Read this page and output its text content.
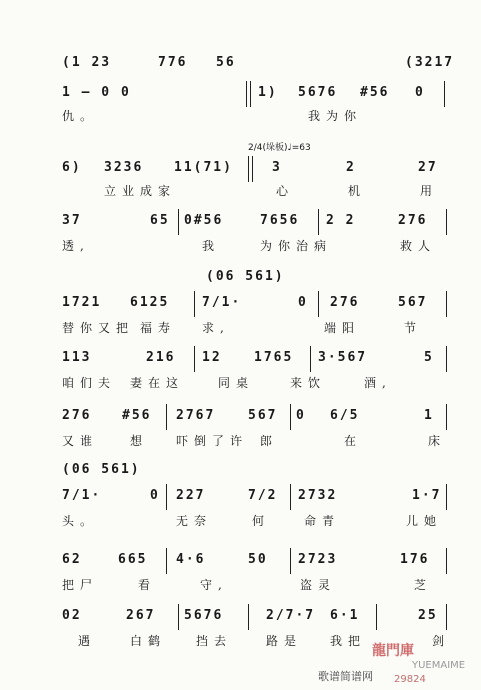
(1 23	776 56	(3217
1 — 0 0	1) 5676 #56 0
仇。	我为你
2/4(垛板)♩=63
6) 3236 11(71)	3	2	27
立业成家	心	机	用
37	65 0#56	7656 2 2	276
透,	我	为你治病	救人
(06 561)
1721 6125	7/1·	0 276	567
替你又把 福寿 求,	端阳	节
113	216 12 1765 3·567	5
咱们夫 妻在这	同桌	来饮	酒,
276 #56 2767	567 0 6/5	1
又谁	想 吓倒了许 郎	在	床
(06 561)
7/1·	0 227	7/2 2732	1·7
头。	无奈	何	命青	儿她
62	665 4·6	50 2723	176
把尸	看	守,	盗灵	芝
02	267 5676	2/7·7 6·1	25
遇	白鹤 挡去	路是 我把	剑
歌谱简谱网
龍門庫
YUEMAIME
29824
